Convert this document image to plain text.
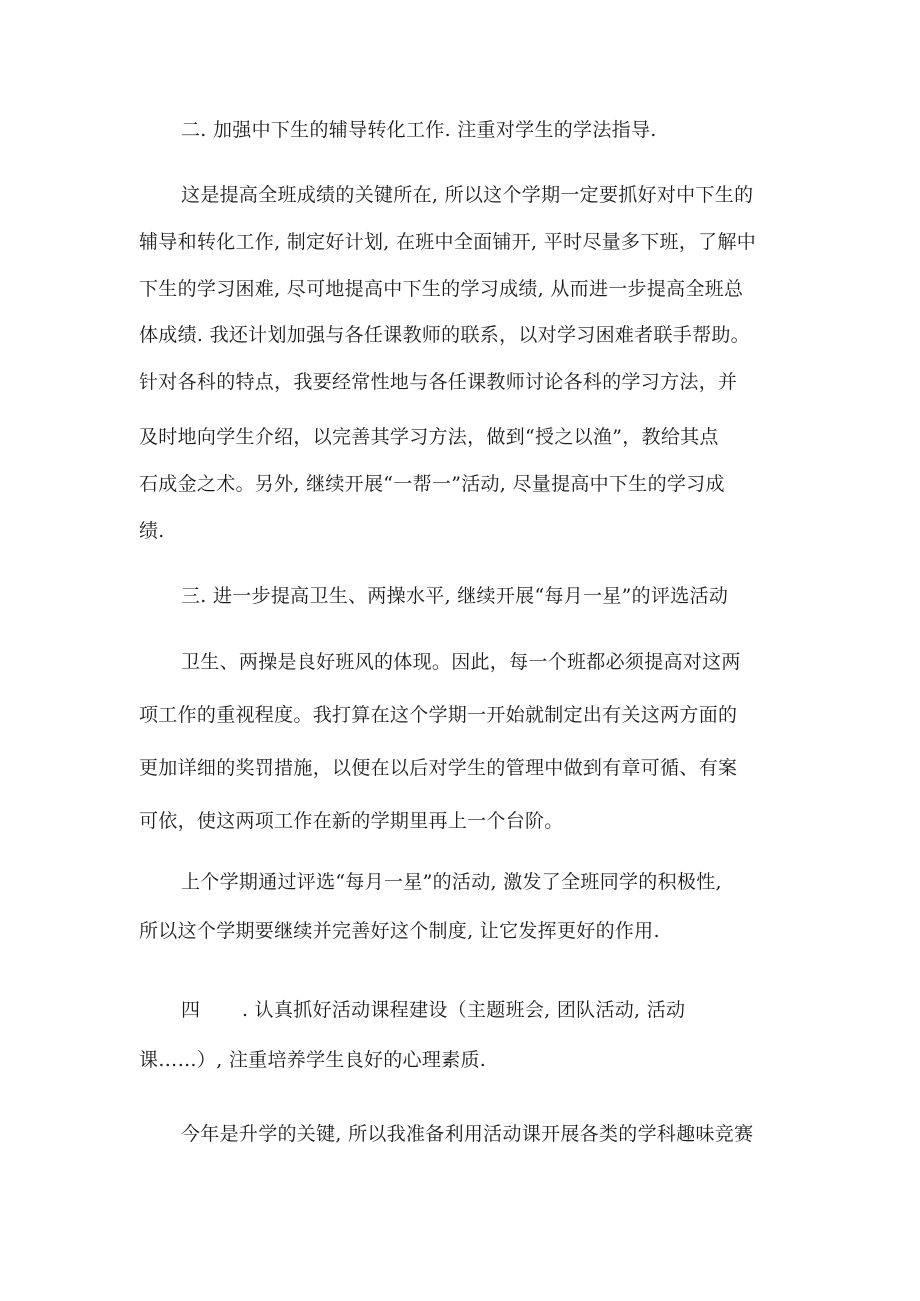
二. 加强中下生的辅导转化工作. 注重对学生的学法指导.
这是提高全班成绩的关键所在, 所以这个学期一定要抓好对中下生的
辅导和转化工作, 制定好计划, 在班中全面铺开, 平时尽量多下班，了解中
下生的学习困难, 尽可地提高中下生的学习成绩, 从而进一步提高全班总
体成绩. 我还计划加强与各任课教师的联系，以对学习困难者联手帮助。
针对各科的特点，我要经常性地与各任课教师讨论各科的学习方法，并
及时地向学生介绍，以完善其学习方法，做到“授之以渔”，教给其点
石成金之术。另外, 继续开展“一帮一”活动, 尽量提高中下生的学习成
绩.
三. 进一步提高卫生、两操水平, 继续开展“每月一星”的评选活动
卫生、两操是良好班风的体现。因此，每一个班都必须提高对这两
项工作的重视程度。我打算在这个学期一开始就制定出有关这两方面的
更加详细的奖罚措施，以便在以后对学生的管理中做到有章可循、有案
可依，使这两项工作在新的学期里再上一个台阶。
上个学期通过评选“每月一星”的活动, 激发了全班同学的积极性,
所以这个学期要继续并完善好这个制度, 让它发挥更好的作用.
四 . 认真抓好活动课程建设（主题班会, 团队活动, 活动
课……）, 注重培养学生良好的心理素质.
今年是升学的关键, 所以我准备利用活动课开展各类的学科趣味竞赛
